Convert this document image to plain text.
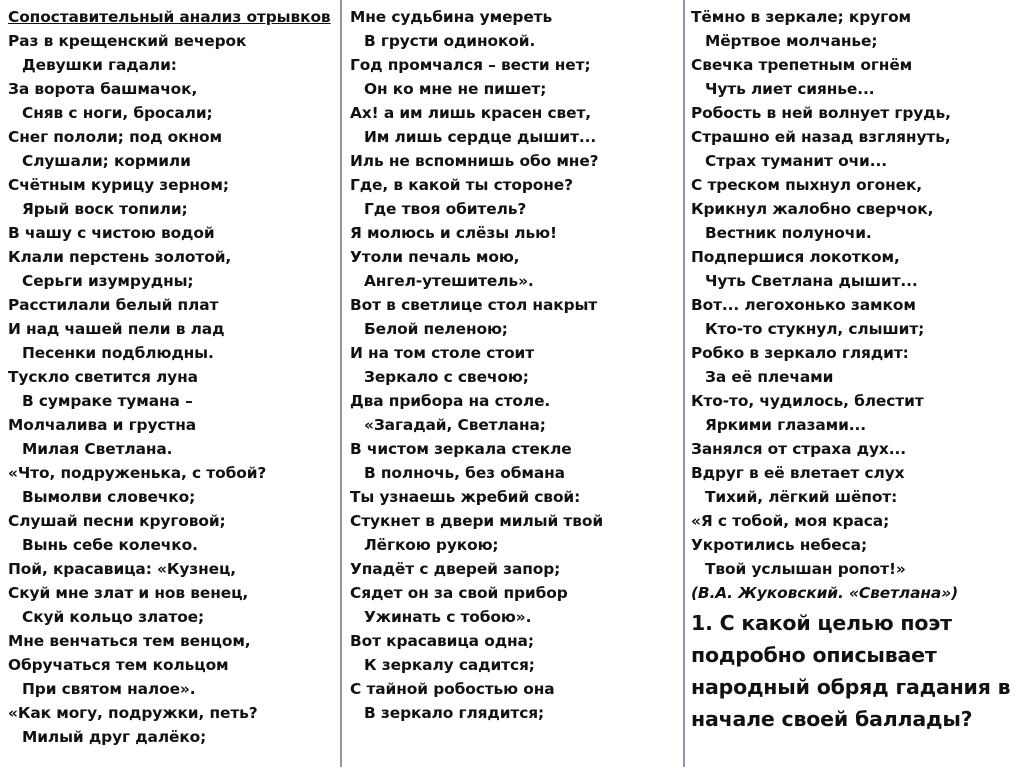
Сопоставительный анализ отрывков
Раз в крещенский вечерок
Девушки гадали:
За ворота башмачок,
Сняв с ноги, бросали;
Снег пололи; под окном
Слушали; кормили
Счётным курицу зерном;
Ярый воск топили;
В чашу с чистою водой
Клали перстень золотой,
Серьги изумрудны;
Расстилали белый плат
И над чашей пели в лад
Песенки подблюдны.
Тускло светится луна
В сумраке тумана –
Молчалива и грустна
Милая Светлана.
«Что, подруженька, с тобой?
Вымолви словечко;
Слушай песни круговой;
Вынь себе колечко.
Пой, красавица: «Кузнец,
Скуй мне злат и нов венец,
Скуй кольцо златое;
Мне венчаться тем венцом,
Обручаться тем кольцом
При святом налое».
«Как могу, подружки, петь?
Милый друг далёко;
Мне судьбина умереть
В грусти одинокой.
Год промчался – вести нет;
Он ко мне не пишет;
Ах! а им лишь красен свет,
Им лишь сердце дышит...
Иль не вспомнишь обо мне?
Где, в какой ты стороне?
Где твоя обитель?
Я молюсь и слёзы лью!
Утоли печаль мою,
Ангел-утешитель».
Вот в светлице стол накрыт
Белой пеленою;
И на том столе стоит
Зеркало с свечою;
Два прибора на столе.
«Загадай, Светлана;
В чистом зеркала стекле
В полночь, без обмана
Ты узнаешь жребий свой:
Стукнет в двери милый твой
Лёгкою рукою;
Упадёт с дверей запор;
Сядет он за свой прибор
Ужинать с тобою».
Вот красавица одна;
К зеркалу садится;
С тайной робостью она
В зеркало глядится;
Тёмно в зеркале; кругом
Мёртвое молчанье;
Свечка трепетным огнём
Чуть лиет сиянье...
Робость в ней волнует грудь,
Страшно ей назад взглянуть,
Страх туманит очи...
С треском пыхнул огонек,
Крикнул жалобно сверчок,
Вестник полуночи.
Подпершися локотком,
Чуть Светлана дышит...
Вот... легохонько замком
Кто-то стукнул, слышит;
Робко в зеркало глядит:
За её плечами
Кто-то, чудилось, блестит
Яркими глазами...
Занялся от страха дух...
Вдруг в её влетает слух
Тихий, лёгкий шёпот:
«Я с тобой, моя краса;
Укротились небеса;
Твой услышан ропот!»
(В.А. Жуковский. «Светлана»)
1. С какой целью поэт
подробно описывает
народный обряд гадания в
начале своей баллады?
